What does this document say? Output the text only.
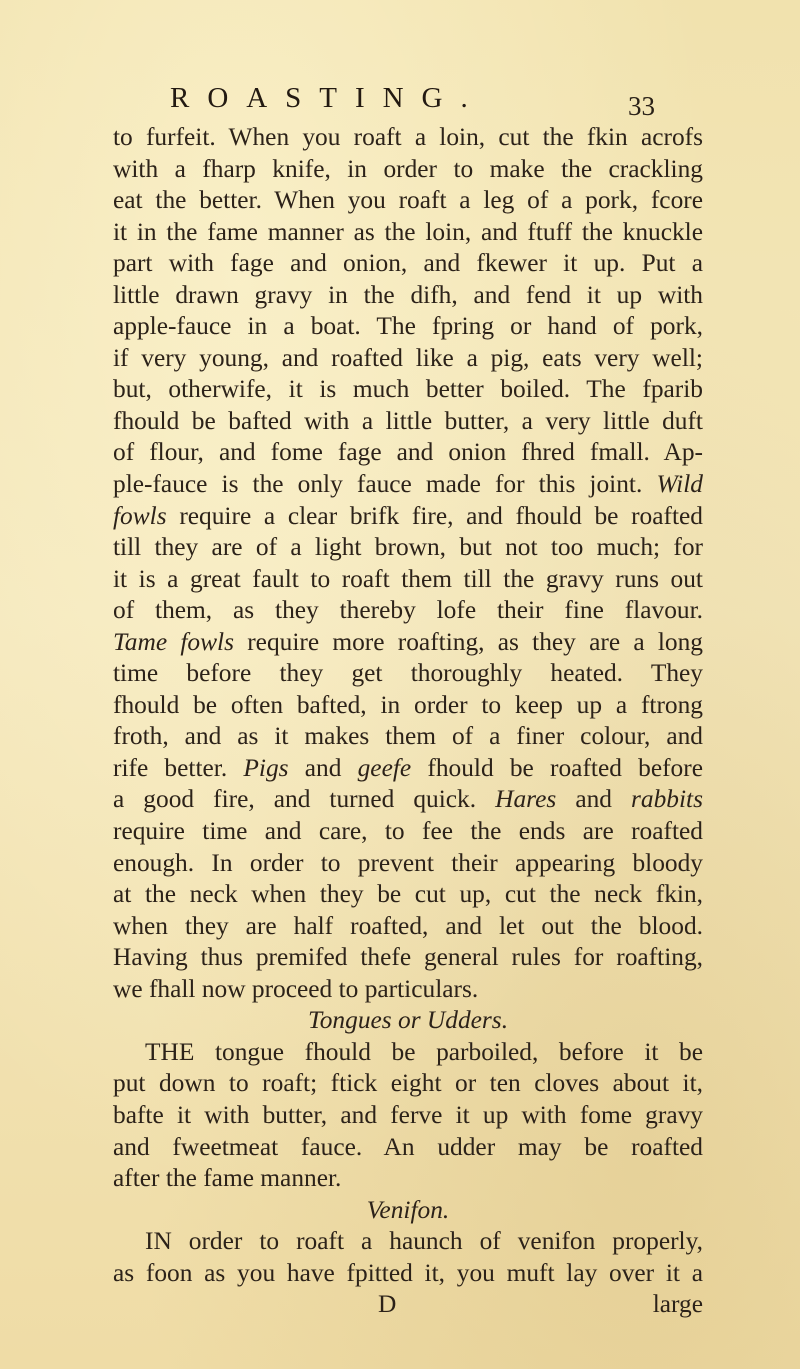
ROASTING.	33
to furfeit. When you roaft a loin, cut the fkin acrofs
with a fharp knife, in order to make the crackling
eat the better. When you roaft a leg of a pork, fcore
it in the fame manner as the loin, and ftuff the knuckle
part with fage and onion, and fkewer it up. Put a
little drawn gravy in the difh, and fend it up with
apple-fauce in a boat. The fpring or hand of pork,
if very young, and roafted like a pig, eats very well;
but, otherwife, it is much better boiled. The fparib
fhould be bafted with a little butter, a very little duft
of flour, and fome fage and onion fhred fmall. Ap-
ple-fauce is the only fauce made for this joint. Wild
fowls require a clear brifk fire, and fhould be roafted
till they are of a light brown, but not too much; for
it is a great fault to roaft them till the gravy runs out
of them, as they thereby lofe their fine flavour.
Tame fowls require more roafting, as they are a long
time before they get thoroughly heated. They
fhould be often bafted, in order to keep up a ftrong
froth, and as it makes them of a finer colour, and
rife better. Pigs and geefe fhould be roafted before
a good fire, and turned quick. Hares and rabbits
require time and care, to fee the ends are roafted
enough. In order to prevent their appearing bloody
at the neck when they be cut up, cut the neck fkin,
when they are half roafted, and let out the blood.
Having thus premifed thefe general rules for roafting,
we fhall now proceed to particulars.
Tongues or Udders.
THE tongue fhould be parboiled, before it be
put down to roaft; ftick eight or ten cloves about it,
bafte it with butter, and ferve it up with fome gravy
and fweetmeat fauce. An udder may be roafted
after the fame manner.
Venifon.
IN order to roaft a haunch of venifon properly,
as foon as you have fpitted it, you muft lay over it a
D	large
